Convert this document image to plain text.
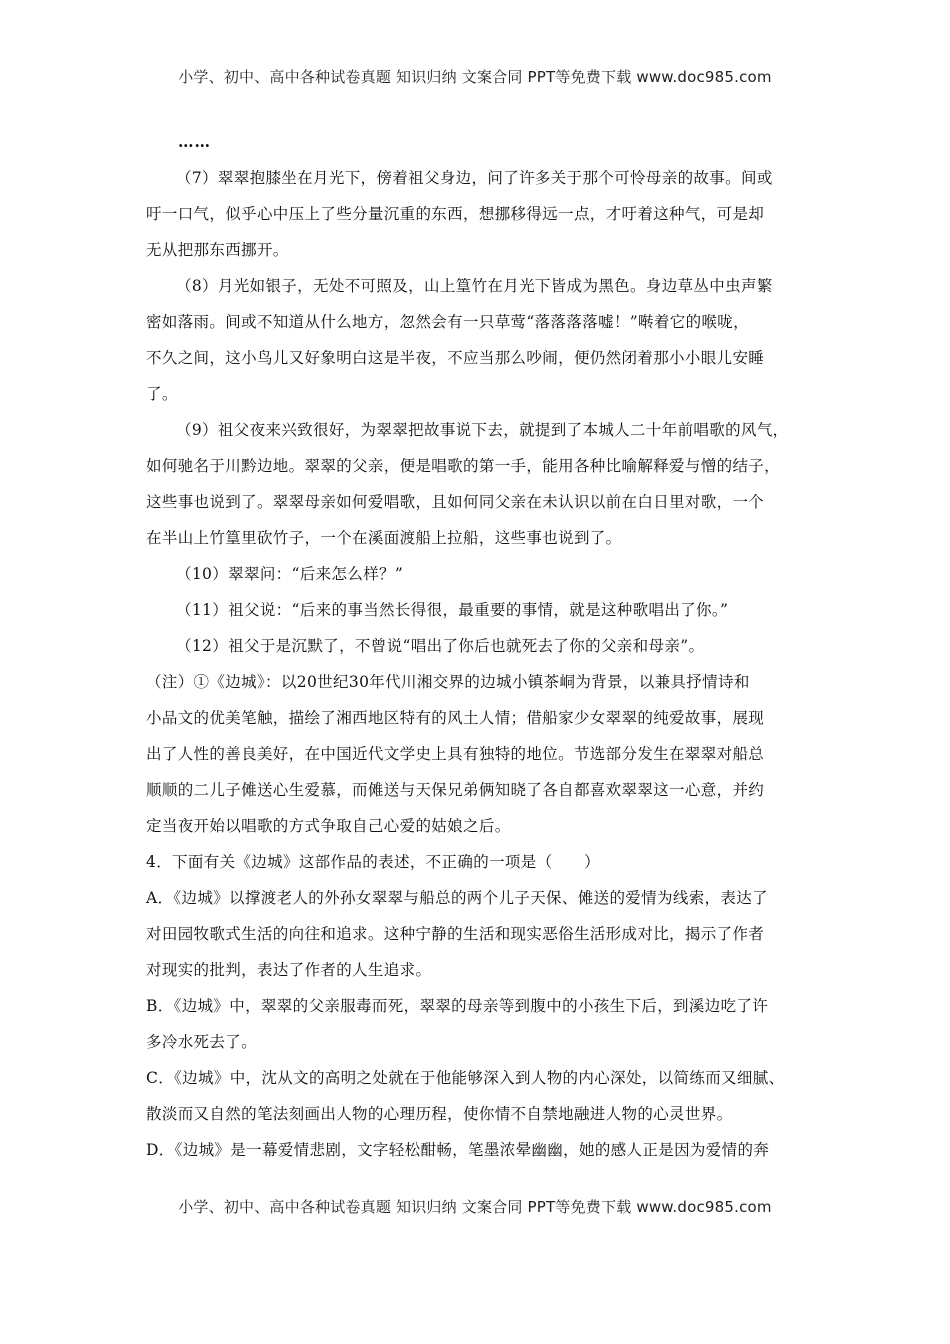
小学、初中、高中各种试卷真题 知识归纳 文案合同 PPT等免费下载 www.doc985.com
……
（7）翠翠抱膝坐在月光下，傍着祖父身边，问了许多关于那个可怜母亲的故事。间或
吁一口气，似乎心中压上了些分量沉重的东西，想挪移得远一点，才吁着这种气，可是却
无从把那东西挪开。
（8）月光如银子，无处不可照及，山上篁竹在月光下皆成为黑色。身边草丛中虫声繁
密如落雨。间或不知道从什么地方，忽然会有一只草莺“落落落落嘘！”啭着它的喉咙，
不久之间，这小鸟儿又好象明白这是半夜，不应当那么吵闹，便仍然闭着那小小眼儿安睡
了。
（9）祖父夜来兴致很好，为翠翠把故事说下去，就提到了本城人二十年前唱歌的风气，
如何驰名于川黔边地。翠翠的父亲，便是唱歌的第一手，能用各种比喻解释爱与憎的结子，
这些事也说到了。翠翠母亲如何爱唱歌，且如何同父亲在未认识以前在白日里对歌，一个
在半山上竹篁里砍竹子，一个在溪面渡船上拉船，这些事也说到了。
（10）翠翠问：“后来怎么样？”
（11）祖父说：“后来的事当然长得很，最重要的事情，就是这种歌唱出了你。”
（12）祖父于是沉默了，不曾说“唱出了你后也就死去了你的父亲和母亲”。
（注）①《边城》：以20世纪30年代川湘交界的边城小镇茶峒为背景，以兼具抒情诗和
小品文的优美笔触，描绘了湘西地区特有的风土人情；借船家少女翠翠的纯爱故事，展现
出了人性的善良美好，在中国近代文学史上具有独特的地位。节选部分发生在翠翠对船总
顺顺的二儿子傩送心生爱慕，而傩送与天保兄弟俩知晓了各自都喜欢翠翠这一心意，并约
定当夜开始以唱歌的方式争取自己心爱的姑娘之后。
4．下面有关《边城》这部作品的表述，不正确的一项是（　　）
A．《边城》以撑渡老人的外孙女翠翠与船总的两个儿子天保、傩送的爱情为线索，表达了
对田园牧歌式生活的向往和追求。这种宁静的生活和现实恶俗生活形成对比，揭示了作者
对现实的批判，表达了作者的人生追求。
B．《边城》中，翠翠的父亲服毒而死，翠翠的母亲等到腹中的小孩生下后，到溪边吃了许
多冷水死去了。
C．《边城》中，沈从文的高明之处就在于他能够深入到人物的内心深处，以简练而又细腻、
散淡而又自然的笔法刻画出人物的心理历程，使你情不自禁地融进人物的心灵世界。
D．《边城》是一幕爱情悲剧，文字轻松酣畅，笔墨浓晕幽幽，她的感人正是因为爱情的奔
小学、初中、高中各种试卷真题 知识归纳 文案合同 PPT等免费下载 www.doc985.com
